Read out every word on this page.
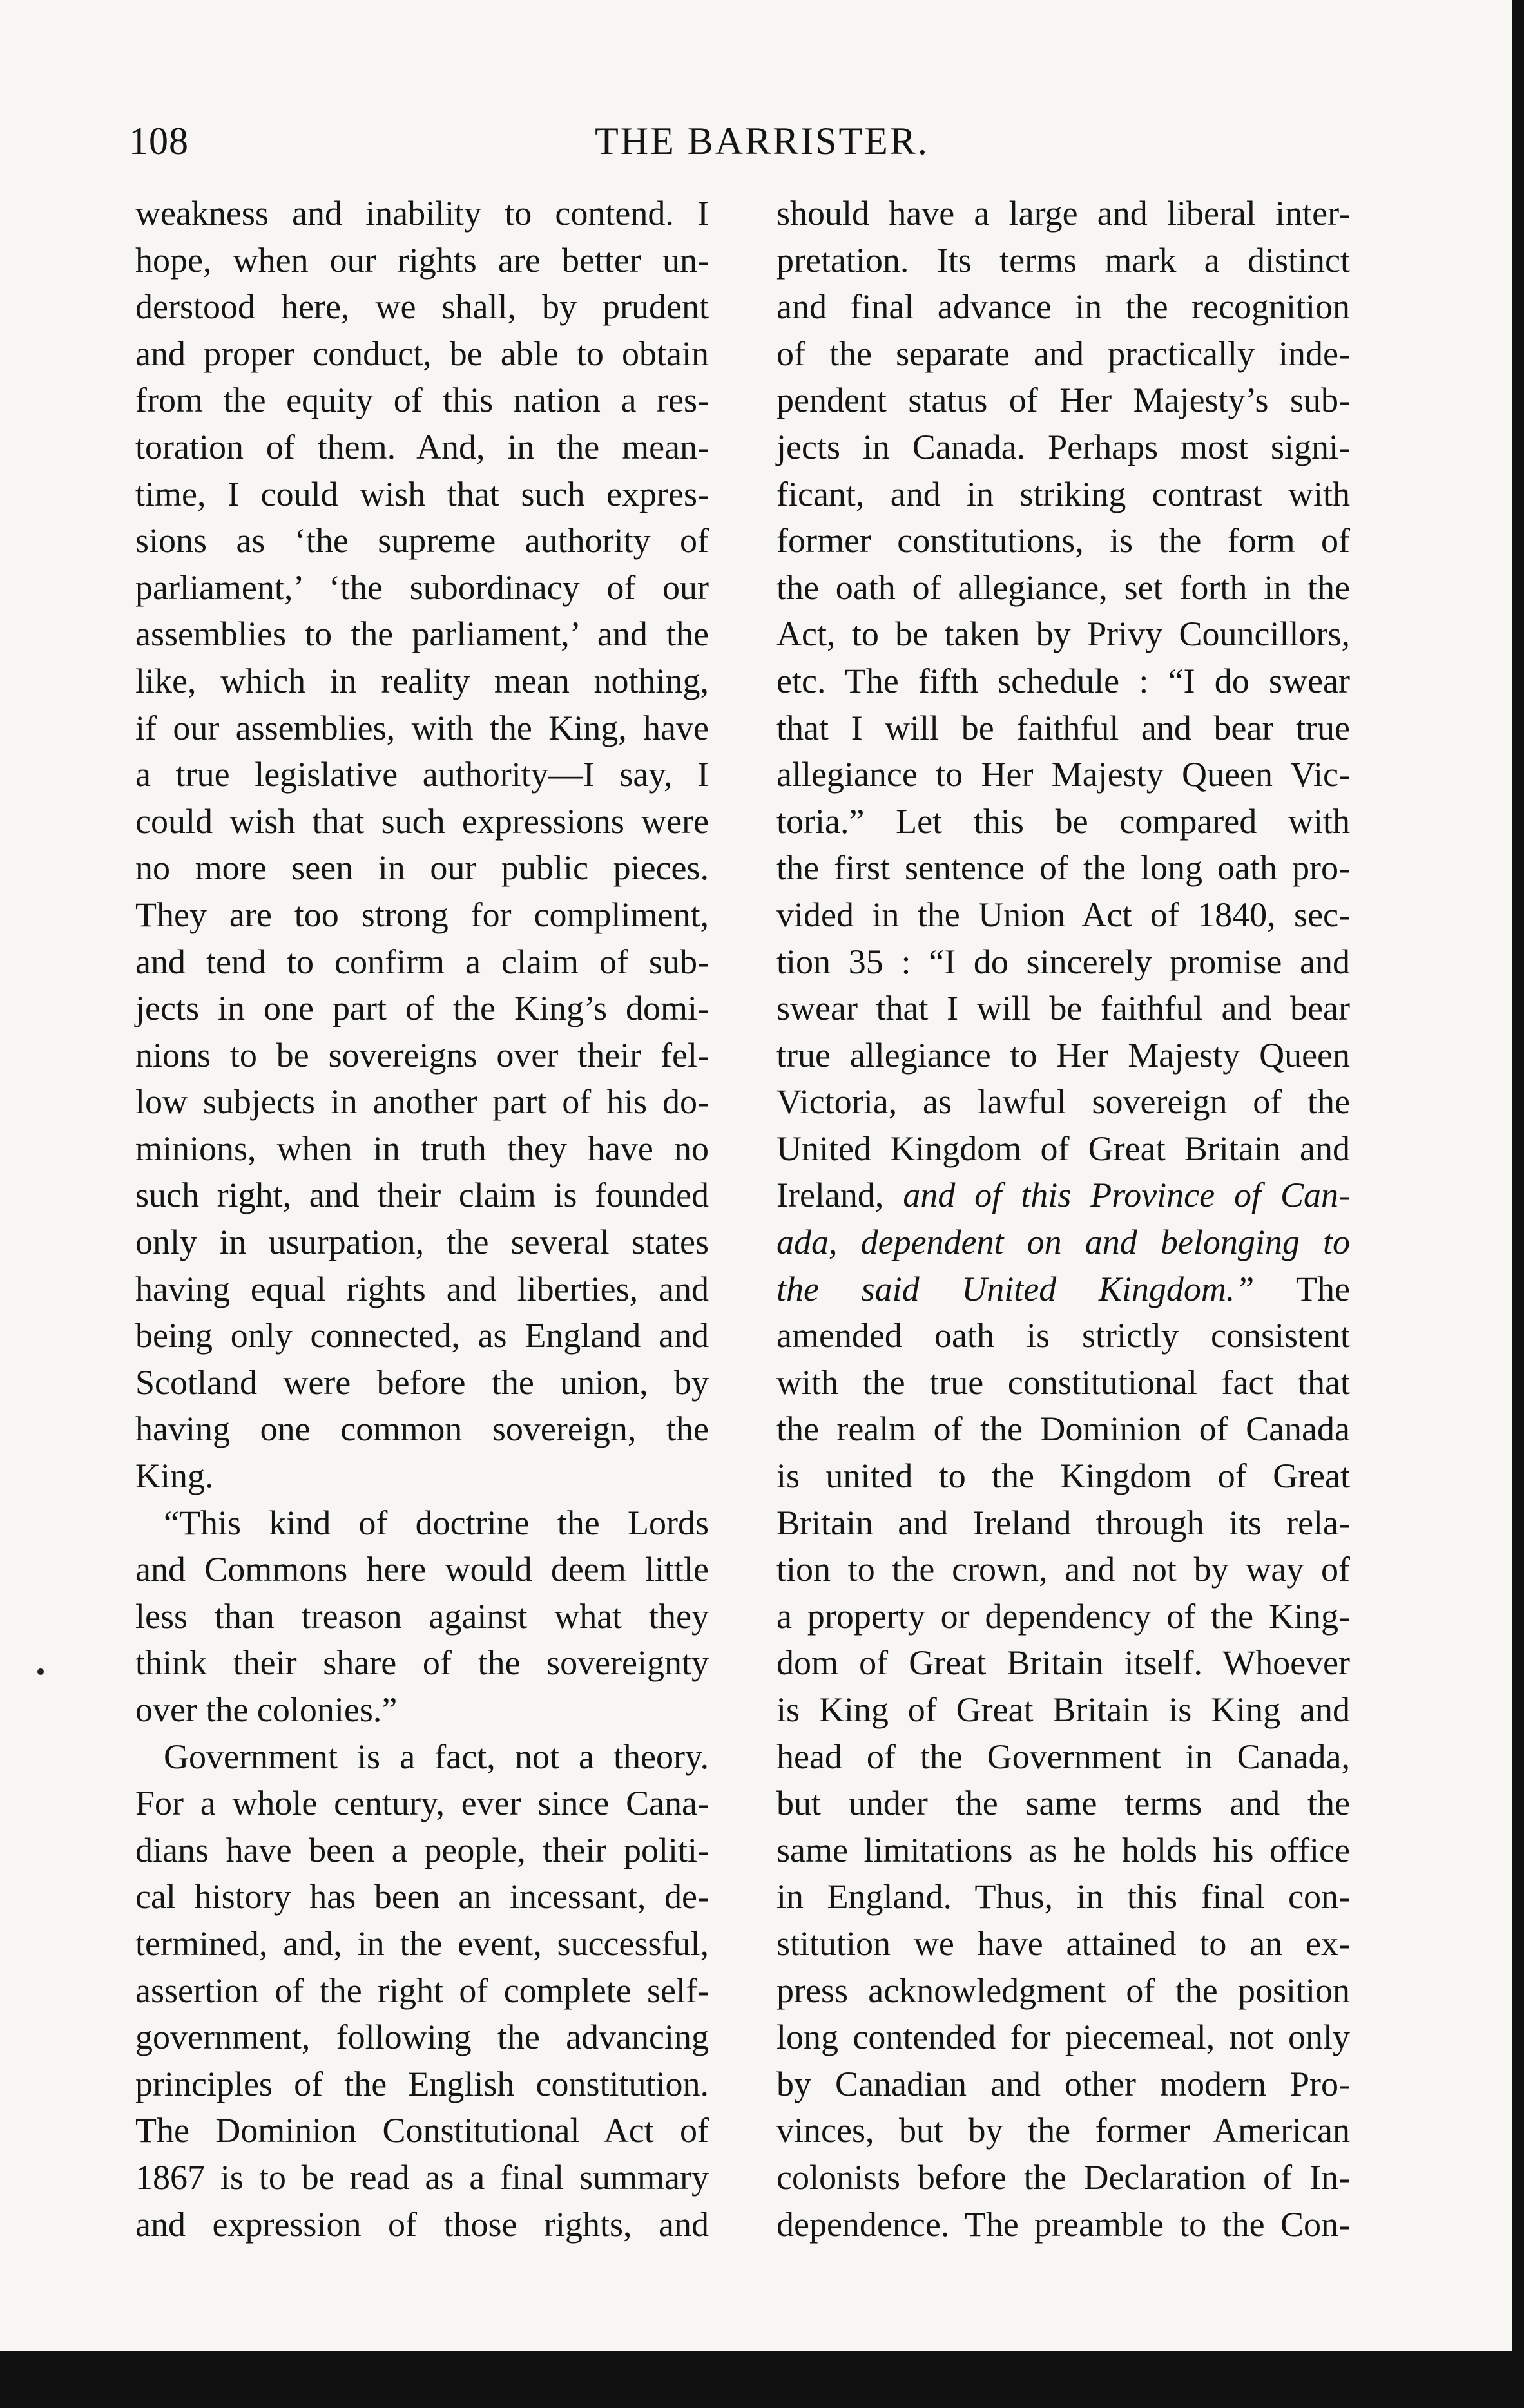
108	THE BARRISTER.
weakness and inability to contend. I
hope, when our rights are better un-
derstood here, we shall, by prudent
and proper conduct, be able to obtain
from the equity of this nation a res-
toration of them. And, in the mean-
time, I could wish that such expres-
sions as ‘the supreme authority of
parliament,’ ‘the subordinacy of our
assemblies to the parliament,’ and the
like, which in reality mean nothing,
if our assemblies, with the King, have
a true legislative authority—I say, I
could wish that such expressions were
no more seen in our public pieces.
They are too strong for compliment,
and tend to confirm a claim of sub-
jects in one part of the King’s domi-
nions to be sovereigns over their fel-
low subjects in another part of his do-
minions, when in truth they have no
such right, and their claim is founded
only in usurpation, the several states
having equal rights and liberties, and
being only connected, as England and
Scotland were before the union, by
having one common sovereign, the
King.
“This kind of doctrine the Lords
and Commons here would deem little
less than treason against what they
think their share of the sovereignty
over the colonies.”
Government is a fact, not a theory.
For a whole century, ever since Cana-
dians have been a people, their politi-
cal history has been an incessant, de-
termined, and, in the event, successful,
assertion of the right of complete self-
government, following the advancing
principles of the English constitution.
The Dominion Constitutional Act of
1867 is to be read as a final summary
and expression of those rights, and
should have a large and liberal inter-
pretation. Its terms mark a distinct
and final advance in the recognition
of the separate and practically inde-
pendent status of Her Majesty’s sub-
jects in Canada. Perhaps most signi-
ficant, and in striking contrast with
former constitutions, is the form of
the oath of allegiance, set forth in the
Act, to be taken by Privy Councillors,
etc. The fifth schedule : “I do swear
that I will be faithful and bear true
allegiance to Her Majesty Queen Vic-
toria.” Let this be compared with
the first sentence of the long oath pro-
vided in the Union Act of 1840, sec-
tion 35 : “I do sincerely promise and
swear that I will be faithful and bear
true allegiance to Her Majesty Queen
Victoria, as lawful sovereign of the
United Kingdom of Great Britain and
Ireland, and of this Province of Can-
ada, dependent on and belonging to
the said United Kingdom.” The
amended oath is strictly consistent
with the true constitutional fact that
the realm of the Dominion of Canada
is united to the Kingdom of Great
Britain and Ireland through its rela-
tion to the crown, and not by way of
a property or dependency of the King-
dom of Great Britain itself. Whoever
is King of Great Britain is King and
head of the Government in Canada,
but under the same terms and the
same limitations as he holds his office
in England. Thus, in this final con-
stitution we have attained to an ex-
press acknowledgment of the position
long contended for piecemeal, not only
by Canadian and other modern Pro-
vinces, but by the former American
colonists before the Declaration of In-
dependence. The preamble to the Con-
